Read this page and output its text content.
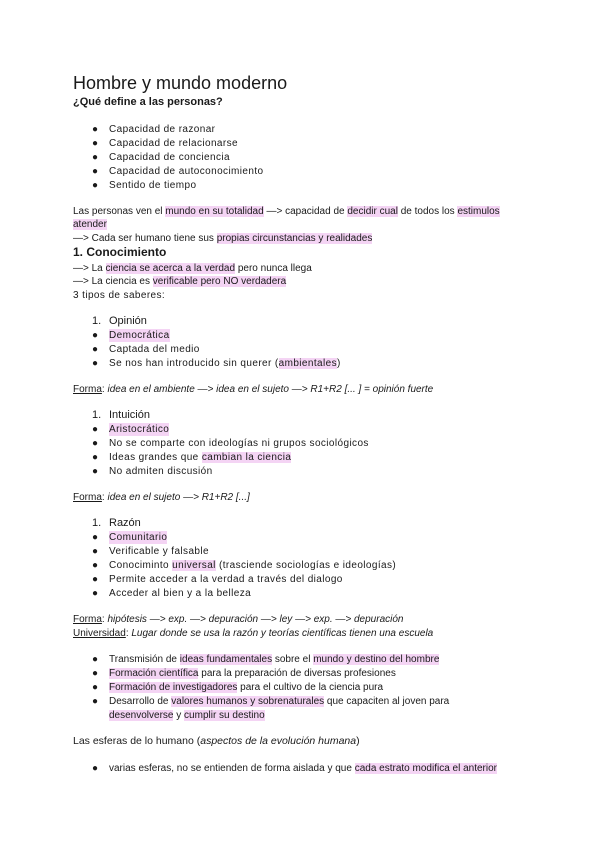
Hombre y mundo moderno
¿Qué define a las personas?
● Capacidad de razonar
● Capacidad de relacionarse
● Capacidad de conciencia
● Capacidad de autoconocimiento
● Sentido de tiempo
Las personas ven el mundo en su totalidad —> capacidad de decidir cual de todos los estimulos
atender
—> Cada ser humano tiene sus propias circunstancias y realidades
1. Conocimiento
—> La ciencia se acerca a la verdad pero nunca llega
—> La ciencia es verificable pero NO verdadera
3 tipos de saberes:
1. Opinión
● Democrática
● Captada del medio
● Se nos han introducido sin querer (ambientales)
Forma: idea en el ambiente —> idea en el sujeto —> R1+R2 [... ] = opinión fuerte
1. Intuición
● Aristocrático
● No se comparte con ideologías ni grupos sociológicos
● Ideas grandes que cambian la ciencia
● No admiten discusión
Forma: idea en el sujeto —> R1+R2 [...]
1. Razón
● Comunitario
● Verificable y falsable
● Conociminto universal (trasciende sociologías e ideologías)
● Permite acceder a la verdad a través del dialogo
● Acceder al bien y a la belleza
Forma: hipótesis —> exp. —> depuración —> ley —> exp. —> depuración
Universidad: Lugar donde se usa la razón y teorías científicas tienen una escuela
● Transmisión de ideas fundamentales sobre el mundo y destino del hombre
● Formación científica para la preparación de diversas profesiones
● Formación de investigadores para el cultivo de la ciencia pura
● Desarrollo de valores humanos y sobrenaturales que capaciten al joven para
desenvolverse y cumplir su destino
Las esferas de lo humano (aspectos de la evolución humana)
● varias esferas, no se entienden de forma aislada y que cada estrato modifica el anterior
